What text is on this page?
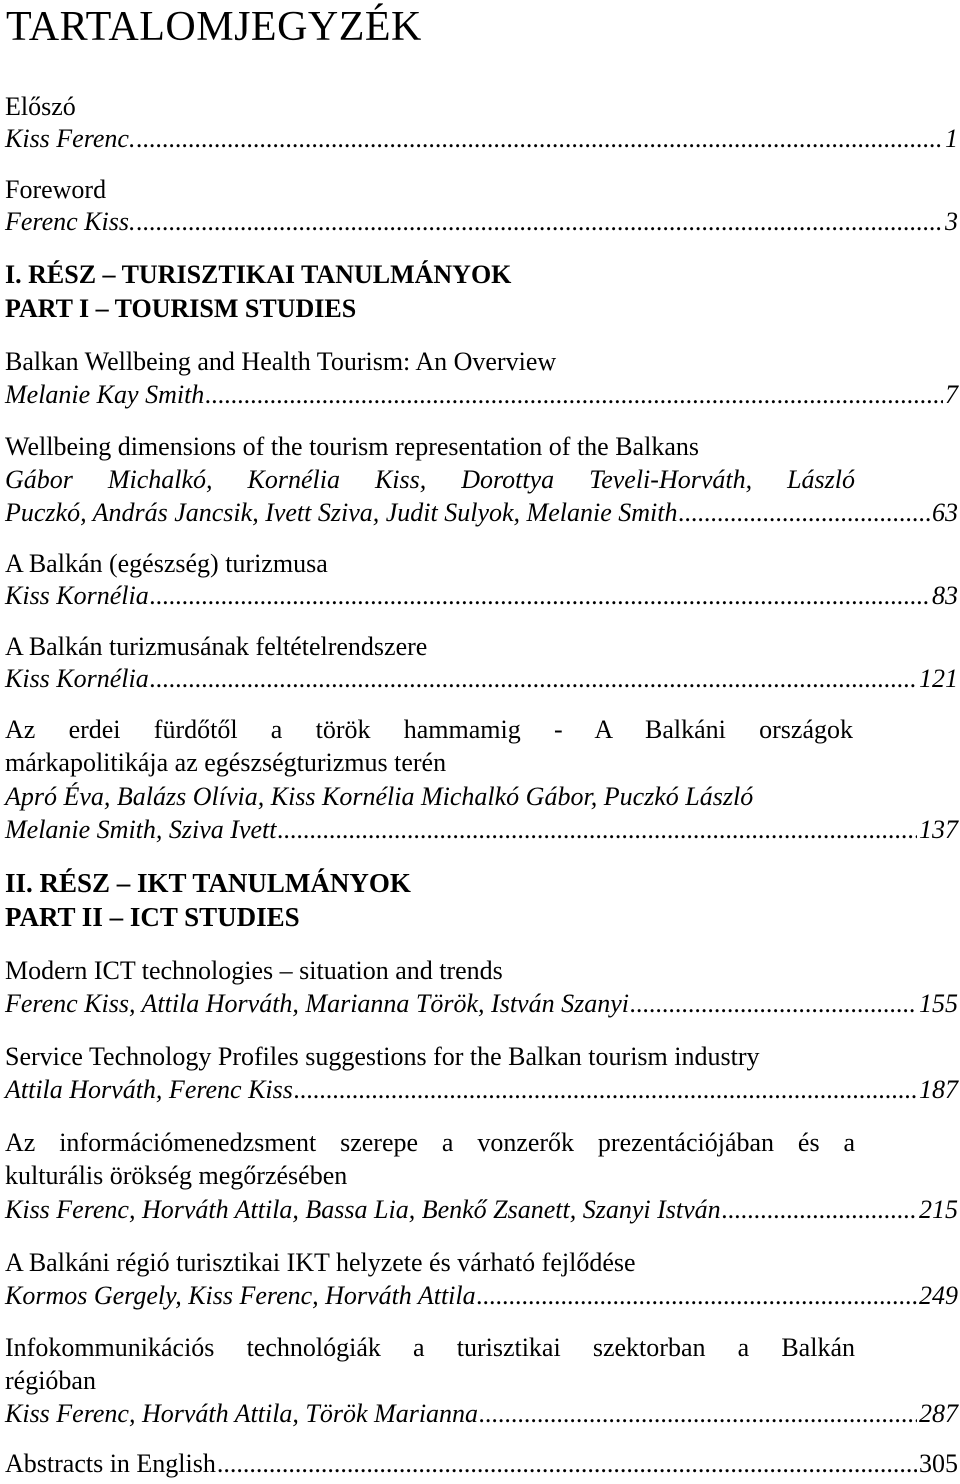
TARTALOMJEGYZÉK
Előszó
Kiss Ferenc. .....	1
Foreword
Ferenc Kiss. .....	3
I. RÉSZ – TURISZTIKAI TANULMÁNYOK
PART I – TOURISM STUDIES
Balkan Wellbeing and Health Tourism: An Overview
Melanie Kay Smith .....	7
Wellbeing dimensions of the tourism representation of the Balkans
Gábor Michalkó, Kornélia Kiss, Dorottya Teveli-Horváth, László
Puczkó, András Jancsik, Ivett Sziva, Judit Sulyok, Melanie Smith .....	63
A Balkán (egészség) turizmusa
Kiss Kornélia .....	83
A Balkán turizmusának feltételrendszere
Kiss Kornélia .....	121
Az erdei fürdőtől a török hammamig - A Balkáni országok
márkapolitikája az egészségturizmus terén
Apró Éva, Balázs Olívia, Kiss Kornélia Michalkó Gábor, Puczkó László
Melanie Smith, Sziva Ivett .....	137
II. RÉSZ – IKT TANULMÁNYOK
PART II – ICT STUDIES
Modern ICT technologies – situation and trends
Ferenc Kiss, Attila Horváth, Marianna Török, István Szanyi .....	155
Service Technology Profiles suggestions for the Balkan tourism industry
Attila Horváth, Ferenc Kiss .....	187
Az információmenedzsment szerepe a vonzerők prezentációjában és a
kulturális örökség megőrzésében
Kiss Ferenc, Horváth Attila, Bassa Lia, Benkő Zsanett, Szanyi István .....	215
A Balkáni régió turisztikai IKT helyzete és várható fejlődése
Kormos Gergely, Kiss Ferenc, Horváth Attila .....	249
Infokommunikációs technológiák a turisztikai szektorban a Balkán
régióban
Kiss Ferenc, Horváth Attila, Török Marianna .....	287
Abstracts in English .....	305
